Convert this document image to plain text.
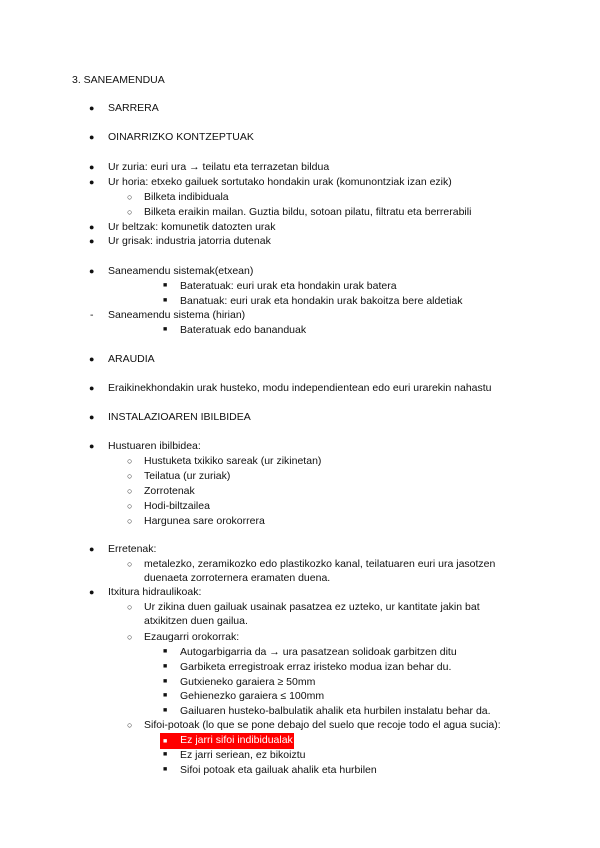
3. SANEAMENDUA
● SARRERA
● OINARRIZKO KONTZEPTUAK
● Ur zuria: euri ura → teilatu eta terrazetan bildua
● Ur horia: etxeko gailuek sortutako hondakin urak (komunontziak izan ezik)
○ Bilketa indibiduala
○ Bilketa eraikin mailan. Guztia bildu, sotoan pilatu, filtratu eta berrerabili
● Ur beltzak: komunetik datozten urak
● Ur grisak: industria jatorria dutenak
● Saneamendu sistemak(etxean)
■ Bateratuak: euri urak eta hondakin urak batera
■ Banatuak: euri urak eta hondakin urak bakoitza bere aldetiak
- Saneamendu sistema (hirian)
■ Bateratuak edo bananduak
● ARAUDIA
● Eraikinekhondakin urak husteko, modu independientean edo euri urarekin nahastu
● INSTALAZIOAREN IBILBIDEA
● Hustuaren ibilbidea:
○ Hustuketa txikiko sareak (ur zikinetan)
○ Teilatua (ur zuriak)
○ Zorrotenak
○ Hodi-biltzailea
○ Hargunea sare orokorrera
● Erretenak:
○ metalezko, zeramikozko edo plastikozko kanal, teilatuaren euri ura jasotzen
duenaeta zorroternera eramaten duena.
● Itxitura hidraulikoak:
○ Ur zikina duen gailuak usainak pasatzea ez uzteko, ur kantitate jakin bat
atxikitzen duen gailua.
○ Ezaugarri orokorrak:
■ Autogarbigarria da → ura pasatzean solidoak garbitzen ditu
■ Garbiketa erregistroak erraz iristeko modua izan behar du.
■ Gutxieneko garaiera ≥ 50mm
■ Gehienezko garaiera ≤ 100mm
■ Gailuaren husteko-balbulatik ahalik eta hurbilen instalatu behar da.
○ Sifoi-potoak (lo que se pone debajo del suelo que recoje todo el agua sucia):
■ Ez jarri sifoi indibidualak
■ Ez jarri seriean, ez bikoiztu
■ Sifoi potoak eta gailuak ahalik eta hurbilen
